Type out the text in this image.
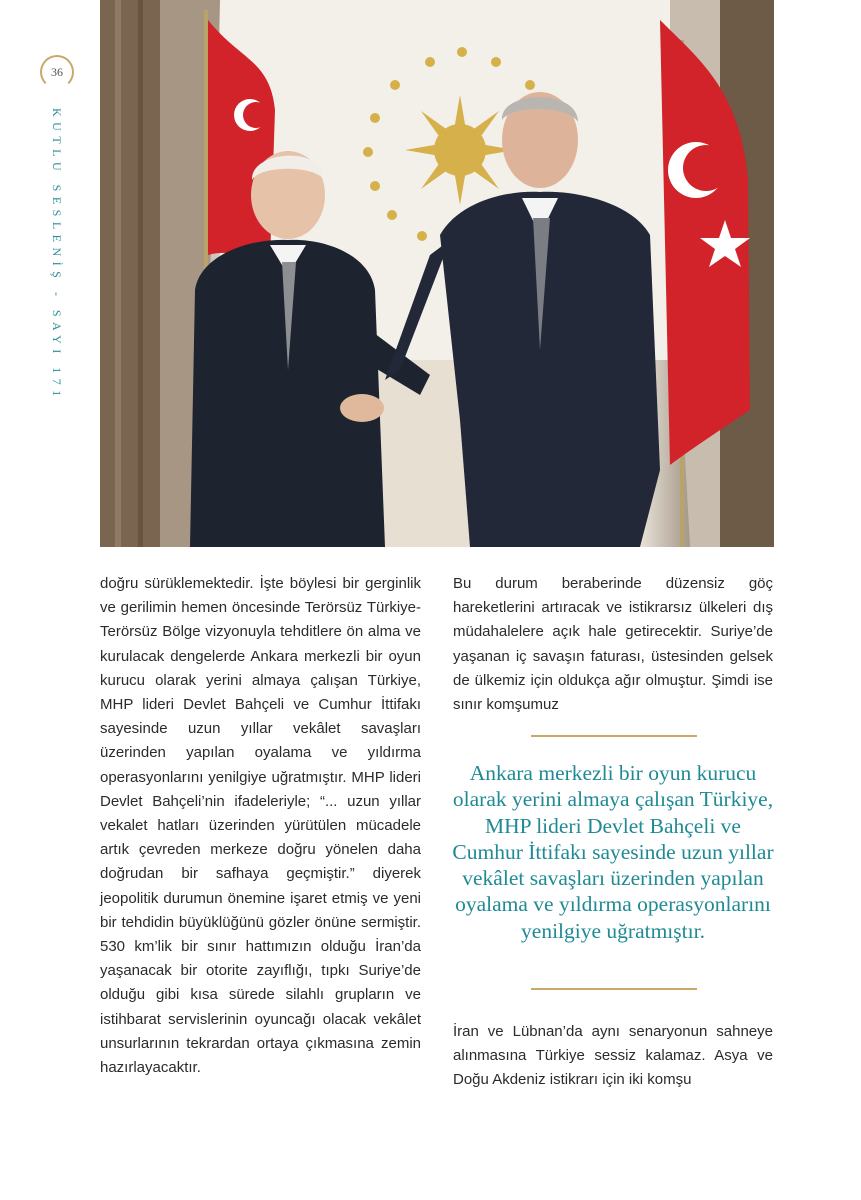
36
KUTLU SESLENİŞ - SAYI 171
doğru sürüklemektedir. İşte böylesi bir gerginlik ve gerilimin hemen öncesinde Terörsüz Türkiye-Terörsüz Bölge vizyonuyla tehditlere ön alma ve kurulacak dengelerde Ankara merkezli bir oyun kurucu olarak yerini almaya çalışan Türkiye, MHP lideri Devlet Bahçeli ve Cumhur İttifakı sayesinde uzun yıllar vekâlet savaşları üzerinden yapılan oyalama ve yıldırma operasyonlarını yenilgiye uğratmıştır. MHP lideri Devlet Bahçeli’nin ifadeleriyle; “... uzun yıllar vekalet hatları üzerinden yürütülen mücadele artık çevreden merkeze doğru yönelen daha doğrudan bir safhaya geçmiştir.” diyerek jeopolitik durumun önemine işaret etmiş ve yeni bir tehdidin büyüklüğünü gözler önüne sermiştir. 530 km’lik bir sınır hattımızın olduğu İran’da yaşanacak bir otorite zayıflığı, tıpkı Suriye’de olduğu gibi kısa sürede silahlı grupların ve istihbarat servislerinin oyuncağı olacak vekâlet unsurlarının tekrardan ortaya çıkmasına zemin hazırlayacaktır.
Bu durum beraberinde düzensiz göç hareketlerini artıracak ve istikrarsız ülkeleri dış müdahalelere açık hale getirecektir. Suriye’de yaşanan iç savaşın faturası, üstesinden gelsek de ülkemiz için oldukça ağır olmuştur. Şimdi ise sınır komşumuz
Ankara merkezli bir oyun kurucu olarak yerini almaya çalışan Türkiye, MHP lideri Devlet Bahçeli ve Cumhur İttifakı sayesinde uzun yıllar vekâlet savaşları üzerinden yapılan oyalama ve yıldırma operasyonlarını yenilgiye uğratmıştır.
İran ve Lübnan’da aynı senaryonun sahneye alınmasına Türkiye sessiz kalamaz. Asya ve Doğu Akdeniz istikrarı için iki komşu
